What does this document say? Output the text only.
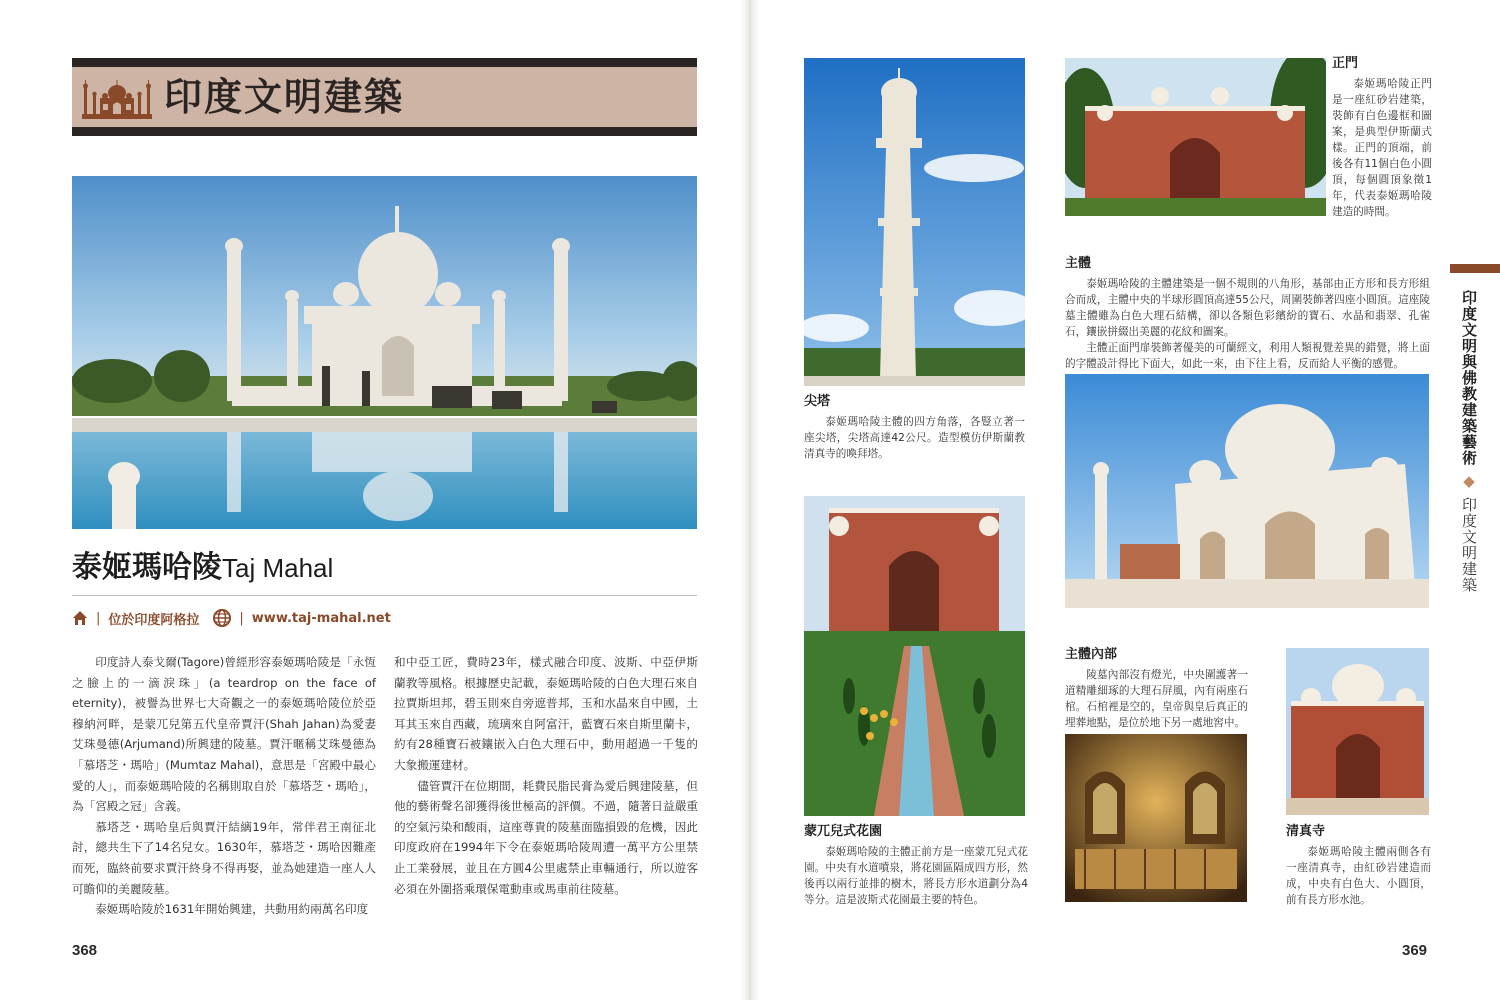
印度文明建築
泰姬瑪哈陵Taj Mahal
| 位於印度阿格拉	| www.taj-mahal.net

印度詩人泰戈爾(Tagore)曾經形容泰姬瑪哈陵是「永恆之臉上的一滴淚珠」(a teardrop on the face of eternity)，被譽為世界七大奇觀之一的泰姬瑪哈陵位於亞穆納河畔，是蒙兀兒第五代皇帝賈汗(Shah Jahan)為愛妻艾珠曼德(Arjumand)所興建的陵墓。賈汗暱稱艾珠曼德為「慕塔芝・瑪哈」(Mumtaz Mahal)，意思是「宮殿中最心愛的人」，而泰姬瑪哈陵的名稱則取自於「慕塔芝・瑪哈」，為「宮殿之冠」含義。

慕塔芝・瑪哈皇后與賈汗結縭19年，常伴君王南征北討，總共生下了14名兒女。1630年，慕塔芝・瑪哈因難產而死，臨終前要求賈汗終身不得再娶，並為她建造一座人人可瞻仰的美麗陵墓。

泰姬瑪哈陵於1631年開始興建，共動用約兩萬名印度

和中亞工匠，費時23年，樣式融合印度、波斯、中亞伊斯蘭教等風格。根據歷史記載，泰姬瑪哈陵的白色大理石來自拉賈斯坦邦，碧玉則來自旁遮普邦，玉和水晶來自中國，土耳其玉來自西藏，琉璃來自阿富汗，藍寶石來自斯里蘭卡，約有28種寶石被鑲嵌入白色大理石中，動用超過一千隻的大象搬運建材。

儘管賈汗在位期間，耗費民脂民膏為愛后興建陵墓，但他的藝術聲名卻獲得後世極高的評價。不過，隨著日益嚴重的空氣污染和酸雨，這座尊貴的陵墓面臨損毀的危機，因此印度政府在1994年下令在泰姬瑪哈陵周遭一萬平方公里禁止工業發展，並且在方圓4公里處禁止車輛通行，所以遊客必須在外圍搭乘環保電動車或馬車前往陵墓。

368
尖塔
泰姬瑪哈陵主體的四方角落，各豎立著一座尖塔，尖塔高達42公尺。造型模仿伊斯蘭教清真寺的喚拜塔。
正門
泰姬瑪哈陵正門是一座紅砂岩建築，裝飾有白色邊框和圖案，是典型伊斯蘭式樣。正門的頂端，前後各有11個白色小圓頂，每個圓頂象徵1年，代表泰姬瑪哈陵建造的時間。
主體
泰姬瑪哈陵的主體建築是一個不規則的八角形，基部由正方形和長方形組合而成，主體中央的半球形圓頂高達55公尺，周圍裝飾著四座小圓頂。這座陵墓主體雖為白色大理石結構，卻以各類色彩繽紛的寶石、水晶和翡翠、孔雀石，鑲嵌拼綴出美麗的花紋和圖案。
主體正面門扉裝飾著優美的可蘭經文，利用人類視覺差異的錯覺，將上面的字體設計得比下面大，如此一來，由下往上看，反而給人平衡的感覺。
蒙兀兒式花園
泰姬瑪哈陵的主體正前方是一座蒙兀兒式花園。中央有水道噴泉，將花園區隔成四方形，然後再以兩行並排的樹木，將長方形水道劃分為4等分。這是波斯式花園最主要的特色。
主體內部
陵墓內部沒有燈光，中央圍護著一道精雕細琢的大理石屏風，內有兩座石棺。石棺裡是空的，皇帝與皇后真正的埋葬地點，是位於地下另一處地窖中。
清真寺
泰姬瑪哈陵主體兩側各有一座清真寺，由紅砂岩建造而成，中央有白色大、小圓頂，前有長方形水池。
印度文明與佛教建築藝術 ◆ 印度文明建築
369
